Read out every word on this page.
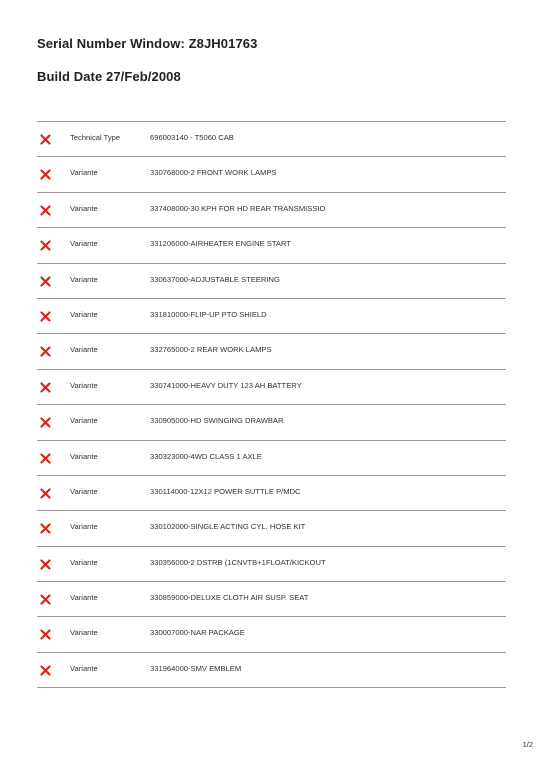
Serial Number Window: Z8JH01763
Build Date 27/Feb/2008
Technical Type	696003140 - T5060 CAB
Variante	330768000-2 FRONT WORK LAMPS
Variante	337408000-30 KPH FOR HD REAR TRANSMISSIO
Variante	331206000-AIRHEATER ENGINE START
Variante	330637000-ADJUSTABLE STEERING
Variante	331810000-FLIP-UP PTO SHIELD
Variante	332765000-2 REAR WORK LAMPS
Variante	330741000-HEAVY DUTY 123 AH BATTERY
Variante	330905000-HD SWINGING DRAWBAR
Variante	330323000-4WD CLASS 1 AXLE
Variante	330114000-12X12 POWER SUTTLE P/MDC
Variante	330102000-SINGLE ACTING CYL. HOSE KIT
Variante	330356000-2 DSTRB (1CNVTB+1FLOAT/KICKOUT
Variante	330859000-DELUXE CLOTH AIR SUSP. SEAT
Variante	330007000-NAR PACKAGE
Variante	331964000-SMV EMBLEM
1/2
